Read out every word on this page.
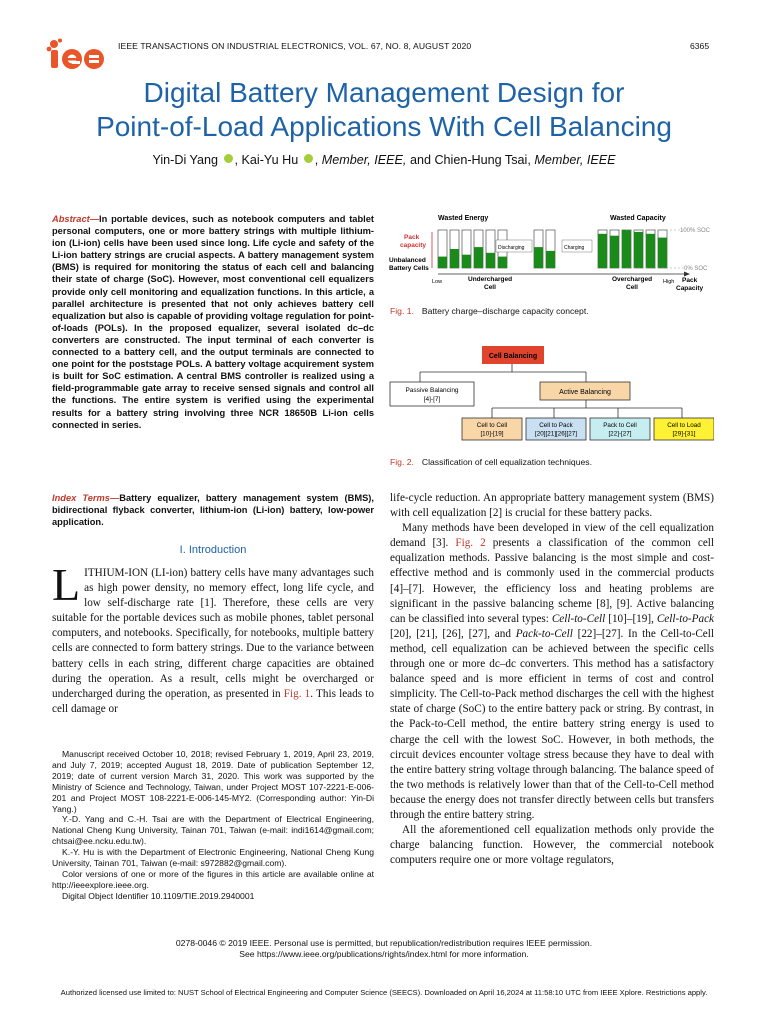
ies
IEEE TRANSACTIONS ON INDUSTRIAL ELECTRONICS, VOL. 67, NO. 8, AUGUST 2020	6365
Digital Battery Management Design for
Point-of-Load Applications With Cell Balancing
Yin-Di Yang , Kai-Yu Hu , Member, IEEE, and Chien-Hung Tsai, Member, IEEE
Abstract—In portable devices, such as notebook computers and tablet personal computers, one or more battery strings with multiple lithium-ion (Li-ion) cells have been used since long. Life cycle and safety of the Li-ion battery strings are crucial aspects. A battery management system (BMS) is required for monitoring the status of each cell and balancing their state of charge (SoC). However, most conventional cell equalizers provide only cell monitoring and equalization functions. In this article, a parallel architecture is presented that not only achieves battery cell equalization but also is capable of providing voltage regulation for point-of-loads (POLs). In the proposed equalizer, several isolated dc–dc converters are constructed. The input terminal of each converter is connected to a battery cell, and the output terminals are connected to one point for the poststage POLs. A battery voltage acquirement system is built for SoC estimation. A central BMS controller is realized using a field-programmable gate array to receive sensed signals and control all the functions. The entire system is verified using the experimental results for a battery string involving three NCR 18650B Li-ion cells connected in series.
Index Terms—Battery equalizer, battery management system (BMS), bidirectional flyback converter, lithium-ion (Li-ion) battery, low-power application.
I. Introduction
LITHIUM-ION (LI-ion) battery cells have many advantages such as high power density, no memory effect, long life cycle, and low self-discharge rate [1]. Therefore, these cells are very suitable for the portable devices such as mobile phones, tablet personal computers, and notebooks. Specifically, for notebooks, multiple battery cells are connected to form battery strings. Due to the variance between battery cells in each string, different charge capacities are obtained during the operation. As a result, cells might be overcharged or undercharged during the operation, as presented in Fig. 1. This leads to cell damage or

Manuscript received October 10, 2018; revised February 1, 2019, April 23, 2019, and July 7, 2019; accepted August 18, 2019. Date of publication September 12, 2019; date of current version March 31, 2020. This work was supported by the Ministry of Science and Technology, Taiwan, under Project MOST 107-2221-E-006-201 and Project MOST 108-2221-E-006-145-MY2. (Corresponding author: Yin-Di Yang.)

Y.-D. Yang and C.-H. Tsai are with the Department of Electrical Engineering, National Cheng Kung University, Tainan 701, Taiwan (e-mail: indi1614@gmail.com; chtsai@ee.ncku.edu.tw).

K.-Y. Hu is with the Department of Electronic Engineering, National Cheng Kung University, Tainan 701, Taiwan (e-mail: s972882@gmail.com).

Color versions of one or more of the figures in this article are available online at http://ieeexplore.ieee.org.

Digital Object Identifier 10.1109/TIE.2019.2940001

Wasted Energy	Wasted Capacity
Pack
capacity
Unbalanced
Battery Cells
Discharging	Charging
100% SOC
0% SOC
Low	High
Undercharged
Cell
Overcharged
Cell
Pack
Capacity
Fig. 1. Battery charge–discharge capacity concept.
Cell Balancing
Passive Balancing
[4]-[7]
Active Balancing
Cell to Cell
[10]-[19]
Cell to Pack
[20][21][26][27]
Pack to Cell
[22]-[27]
Cell to Load
[29]-[31]
Fig. 2. Classification of cell equalization techniques.

life-cycle reduction. An appropriate battery management system (BMS) with cell equalization [2] is crucial for these battery packs.

Many methods have been developed in view of the cell equalization demand [3]. Fig. 2 presents a classification of the common cell equalization methods. Passive balancing is the most simple and cost-effective method and is commonly used in the commercial products [4]–[7]. However, the efficiency loss and heating problems are significant in the passive balancing scheme [8], [9]. Active balancing can be classified into several types: Cell-to-Cell [10]–[19], Cell-to-Pack [20], [21], [26], [27], and Pack-to-Cell [22]–[27]. In the Cell-to-Cell method, cell equalization can be achieved between the specific cells through one or more dc–dc converters. This method has a satisfactory balance speed and is more efficient in terms of cost and control simplicity. The Cell-to-Pack method discharges the cell with the highest state of charge (SoC) to the entire battery pack or string. By contrast, in the Pack-to-Cell method, the entire battery string energy is used to charge the cell with the lowest SoC. However, in both methods, the circuit devices encounter voltage stress because they have to deal with the entire battery string voltage through balancing. The balance speed of the two methods is relatively lower than that of the Cell-to-Cell method because the energy does not transfer directly between cells but transfers through the entire battery string.

All the aforementioned cell equalization methods only provide the charge balancing function. However, the commercial notebook computers require one or more voltage regulators,

0278-0046 © 2019 IEEE. Personal use is permitted, but republication/redistribution requires IEEE permission.
See https://www.ieee.org/publications/rights/index.html for more information.
Authorized licensed use limited to: NUST School of Electrical Engineering and Computer Science (SEECS). Downloaded on April 16,2024 at 11:58:10 UTC from IEEE Xplore. Restrictions apply.
